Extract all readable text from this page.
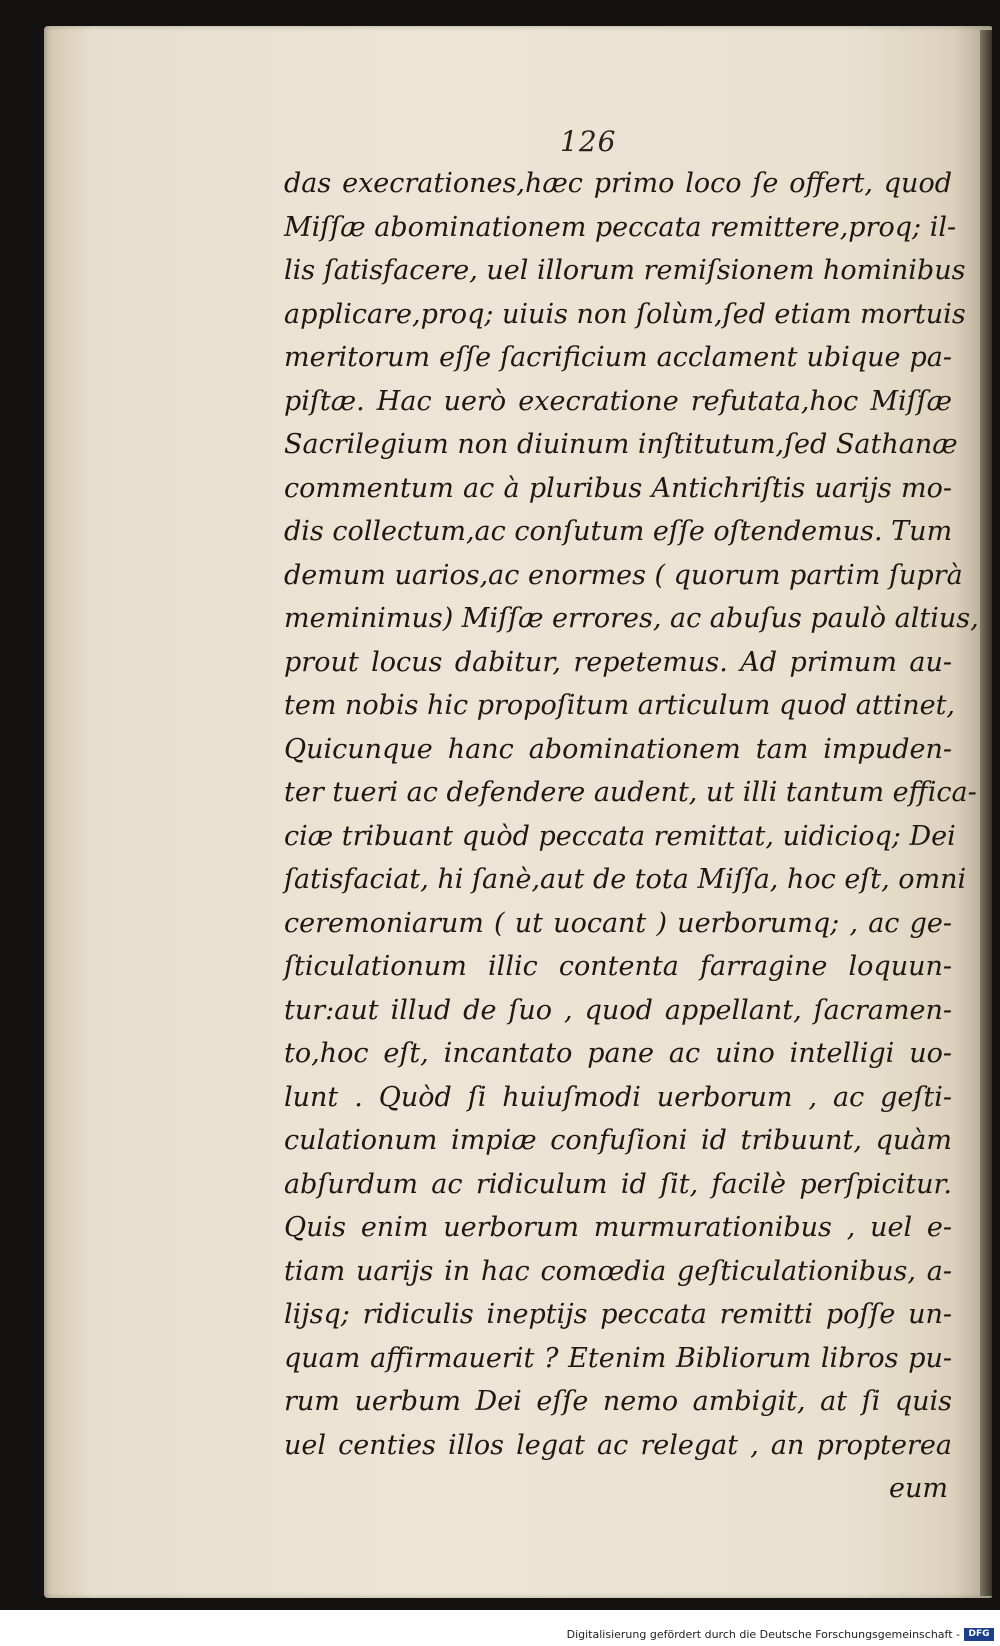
126
das execrationes,hæc primo loco ſe offert, quod
Miſſæ abominationem peccata remittere,proq; il-
lis ſatisfacere, uel illorum remiſsionem hominibus
applicare,proq; uiuis non ſolùm,ſed etiam mortuis
meritorum eſſe ſacrificium acclament ubique pa-
piſtæ. Hac uerò execratione refutata,hoc Miſſæ
Sacrilegium non diuinum inſtitutum,ſed Sathanæ
commentum ac à pluribus Antichriſtis uarijs mo-
dis collectum,ac conſutum eſſe oſtendemus. Tum
demum uarios,ac enormes ( quorum partim ſuprà
meminimus) Miſſæ errores, ac abuſus paulò altius,
prout locus dabitur, repetemus. Ad primum au-
tem nobis hic propoſitum articulum quod attinet,
Quicunque hanc abominationem tam impuden-
ter tueri ac defendere audent, ut illi tantum effica-
ciæ tribuant quòd peccata remittat, uidicioq; Dei
ſatisfaciat, hi ſanè,aut de tota Miſſa, hoc eſt, omni
ceremoniarum ( ut uocant ) uerborumq; , ac ge-
ſticulationum illic contenta farragine loquun-
tur:aut illud de ſuo , quod appellant, ſacramen-
to,hoc eſt, incantato pane ac uino intelligi uo-
lunt . Quòd ſi huiuſmodi uerborum , ac geſti-
culationum impiæ confuſioni id tribuunt, quàm
abſurdum ac ridiculum id ſit, facilè perſpicitur.
Quis enim uerborum murmurationibus , uel e-
tiam uarijs in hac comœdia geſticulationibus, a-
lijsq; ridiculis ineptijs peccata remitti poſſe un-
quam affirmauerit ? Etenim Bibliorum libros pu-
rum uerbum Dei eſſe nemo ambigit, at ſi quis
uel centies illos legat ac relegat , an propterea
eum
Digitalisierung gefördert durch die Deutsche Forschungsgemeinschaft - DFG
